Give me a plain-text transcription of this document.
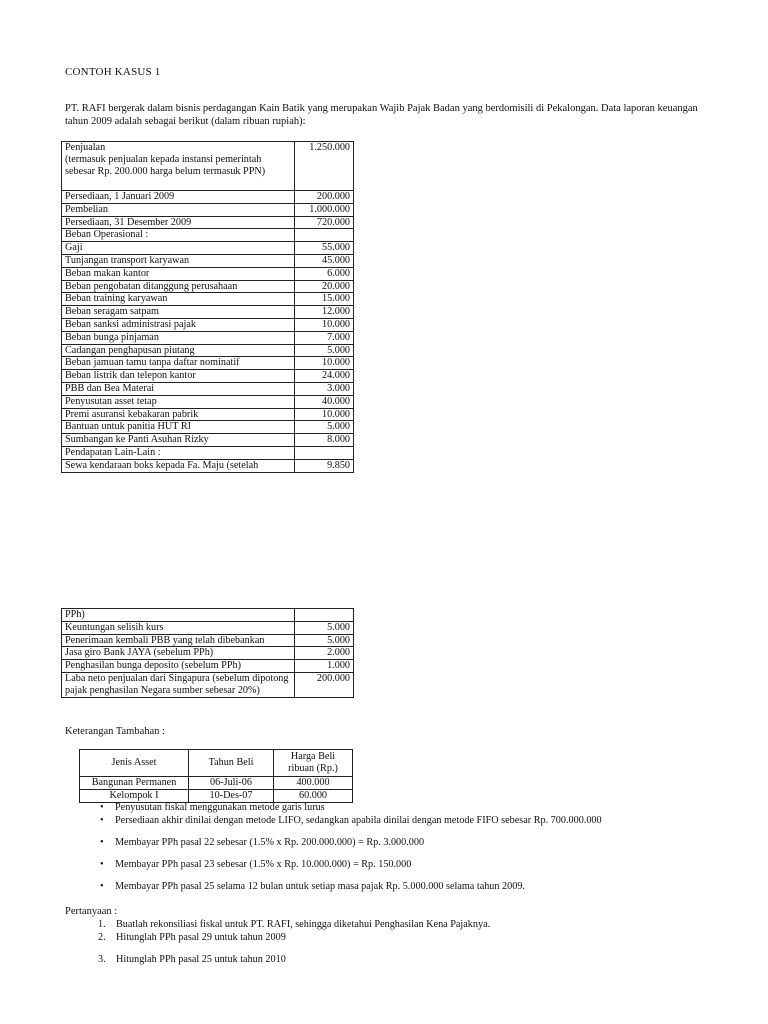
CONTOH KASUS 1
PT. RAFI bergerak dalam bisnis perdagangan Kain Batik yang merupakan Wajib Pajak Badan yang berdomisili di Pekalongan. Data laporan keuangan tahun 2009 adalah sebagai berikut (dalam ribuan rupiah):
Penjualan
(termasuk penjualan kepada instansi pemerintah sebesar Rp. 200.000 harga belum termasuk PPN)	1.250.000
Persediaan, 1 Januari 2009	200.000
Pembelian	1.000.000
Persediaan, 31 Desember 2009	720.000
Beban Operasional :	
Gaji	55.000
Tunjangan transport karyawan	45.000
Beban makan kantor	6.000
Beban pengobatan ditanggung perusahaan	20.000
Beban training karyawan	15.000
Beban seragam satpam	12.000
Beban sanksi administrasi pajak	10.000
Beban bunga pinjaman	7.000
Cadangan penghapusan piutang	5.000
Beban jamuan tamu tanpa daftar nominatif	10.000
Beban listrik dan telepon kantor	24.000
PBB dan Bea Materai	3.000
Penyusutan asset tetap	40.000
Premi asuransi kebakaran pabrik	10.000
Bantuan untuk panitia HUT RI	5.000
Sumbangan ke Panti Asuhan Rizky	8.000
Pendapatan Lain-Lain :	
Sewa kendaraan boks kepada Fa. Maju (setelah	9.850
PPh)	
Keuntungan selisih kurs	5.000
Penerimaan kembali PBB yang telah dibebankan	5.000
Jasa giro Bank JAYA (sebelum PPh)	2.000
Penghasilan bunga deposito (sebelum PPh)	1.000
Laba neto penjualan dari Singapura (sebelum dipotong pajak penghasilan Negara sumber sebesar 20%)	200.000
Keterangan Tambahan :
Jenis Asset	Tahun Beli	Harga Beli
ribuan (Rp.)
Bangunan Permanen	06-Juli-06	400.000
Kelompok I	10-Des-07	60.000
• Penyusutan fiskal menggunakan metode garis lurus
• Persediaan akhir dinilai dengan metode LIFO, sedangkan apabila dinilai dengan metode FIFO sebesar Rp. 700.000.000
• Membayar PPh pasal 22 sebesar (1.5% x Rp. 200.000.000) = Rp. 3.000.000
• Membayar PPh pasal 23 sebesar (1.5% x Rp. 10.000.000) = Rp. 150.000
• Membayar PPh pasal 25 selama 12 bulan untuk setiap masa pajak Rp. 5.000.000 selama tahun 2009.
Pertanyaan :
1. Buatlah rekonsiliasi fiskal untuk PT. RAFI, sehingga diketahui Penghasilan Kena Pajaknya.
2. Hitunglah PPh pasal 29 untuk tahun 2009
3. Hitunglah PPh pasal 25 untuk tahun 2010
